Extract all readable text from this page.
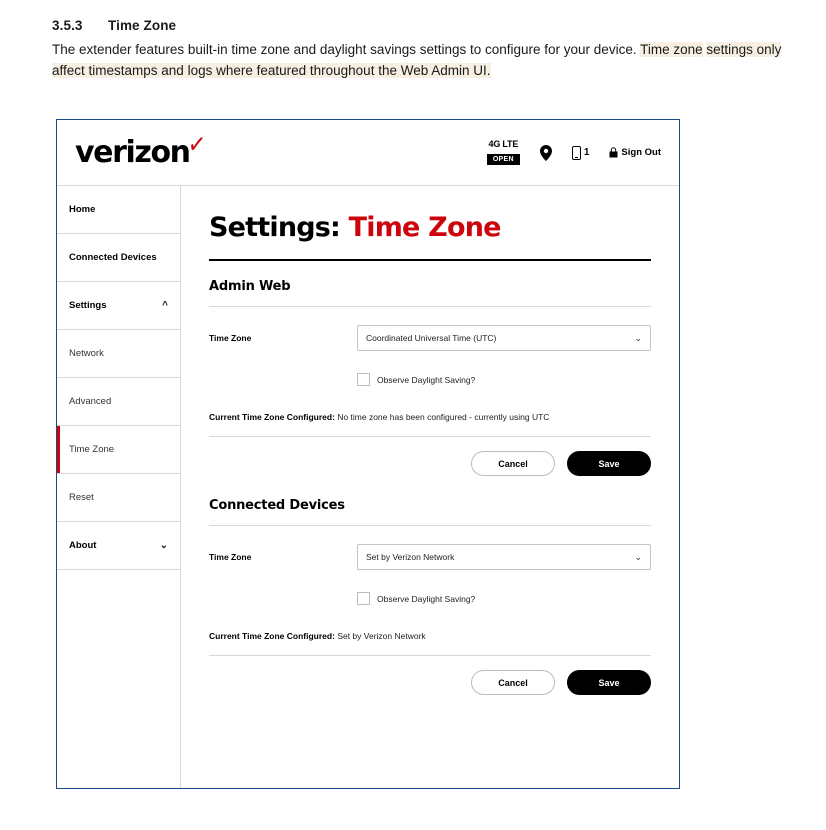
3.5.3 Time Zone

The extender features built-in time zone and daylight savings settings to configure for your device. Time zone settings only affect timestamps and logs where featured throughout the Web Admin UI.

verizon✓	4G LTE
OPEN
1	Sign Out
Home
Connected Devices
Settings	^
Network
Advanced
Time Zone
Reset
About	⌄
Settings: Time Zone
Admin Web
Time Zone	Coordinated Universal Time (UTC)	⌄
Observe Daylight Saving?
Current Time Zone Configured: No time zone has been configured - currently using UTC
Cancel	Save
Connected Devices
Time Zone	Set by Verizon Network	⌄
Observe Daylight Saving?
Current Time Zone Configured: Set by Verizon Network
Cancel	Save
